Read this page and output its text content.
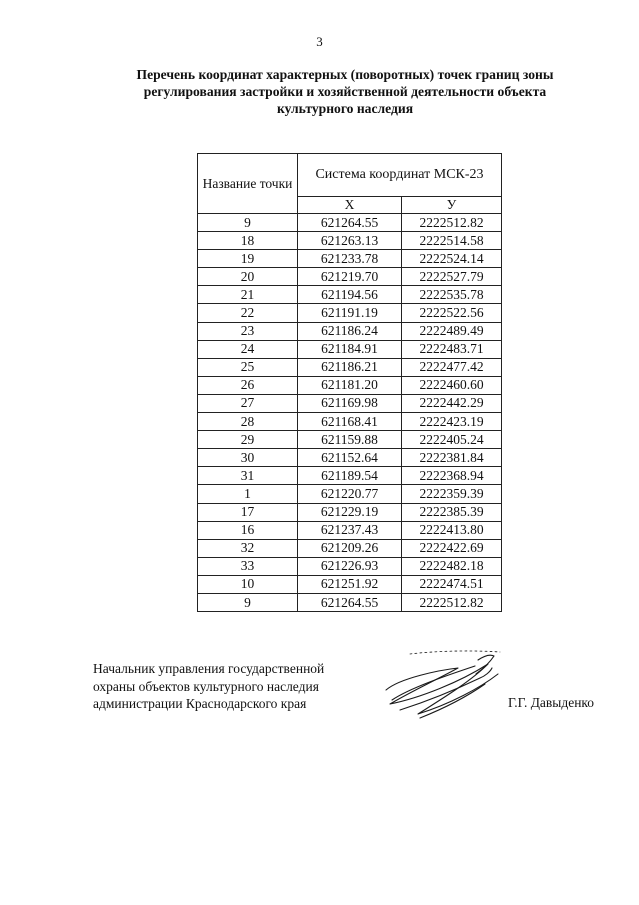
3
Перечень координат характерных (поворотных) точек границ зоны
регулирования застройки и хозяйственной деятельности объекта
культурного наследия
Название точки	Система координат МСК-23	
	Х	У
9	621264.55	2222512.82
18	621263.13	2222514.58
19	621233.78	2222524.14
20	621219.70	2222527.79
21	621194.56	2222535.78
22	621191.19	2222522.56
23	621186.24	2222489.49
24	621184.91	2222483.71
25	621186.21	2222477.42
26	621181.20	2222460.60
27	621169.98	2222442.29
28	621168.41	2222423.19
29	621159.88	2222405.24
30	621152.64	2222381.84
31	621189.54	2222368.94
1	621220.77	2222359.39
17	621229.19	2222385.39
16	621237.43	2222413.80
32	621209.26	2222422.69
33	621226.93	2222482.18
10	621251.92	2222474.51
9	621264.55	2222512.82
Начальник управления государственной
охраны объектов культурного наследия
администрации Краснодарского края	Г.Г. Давыденко
